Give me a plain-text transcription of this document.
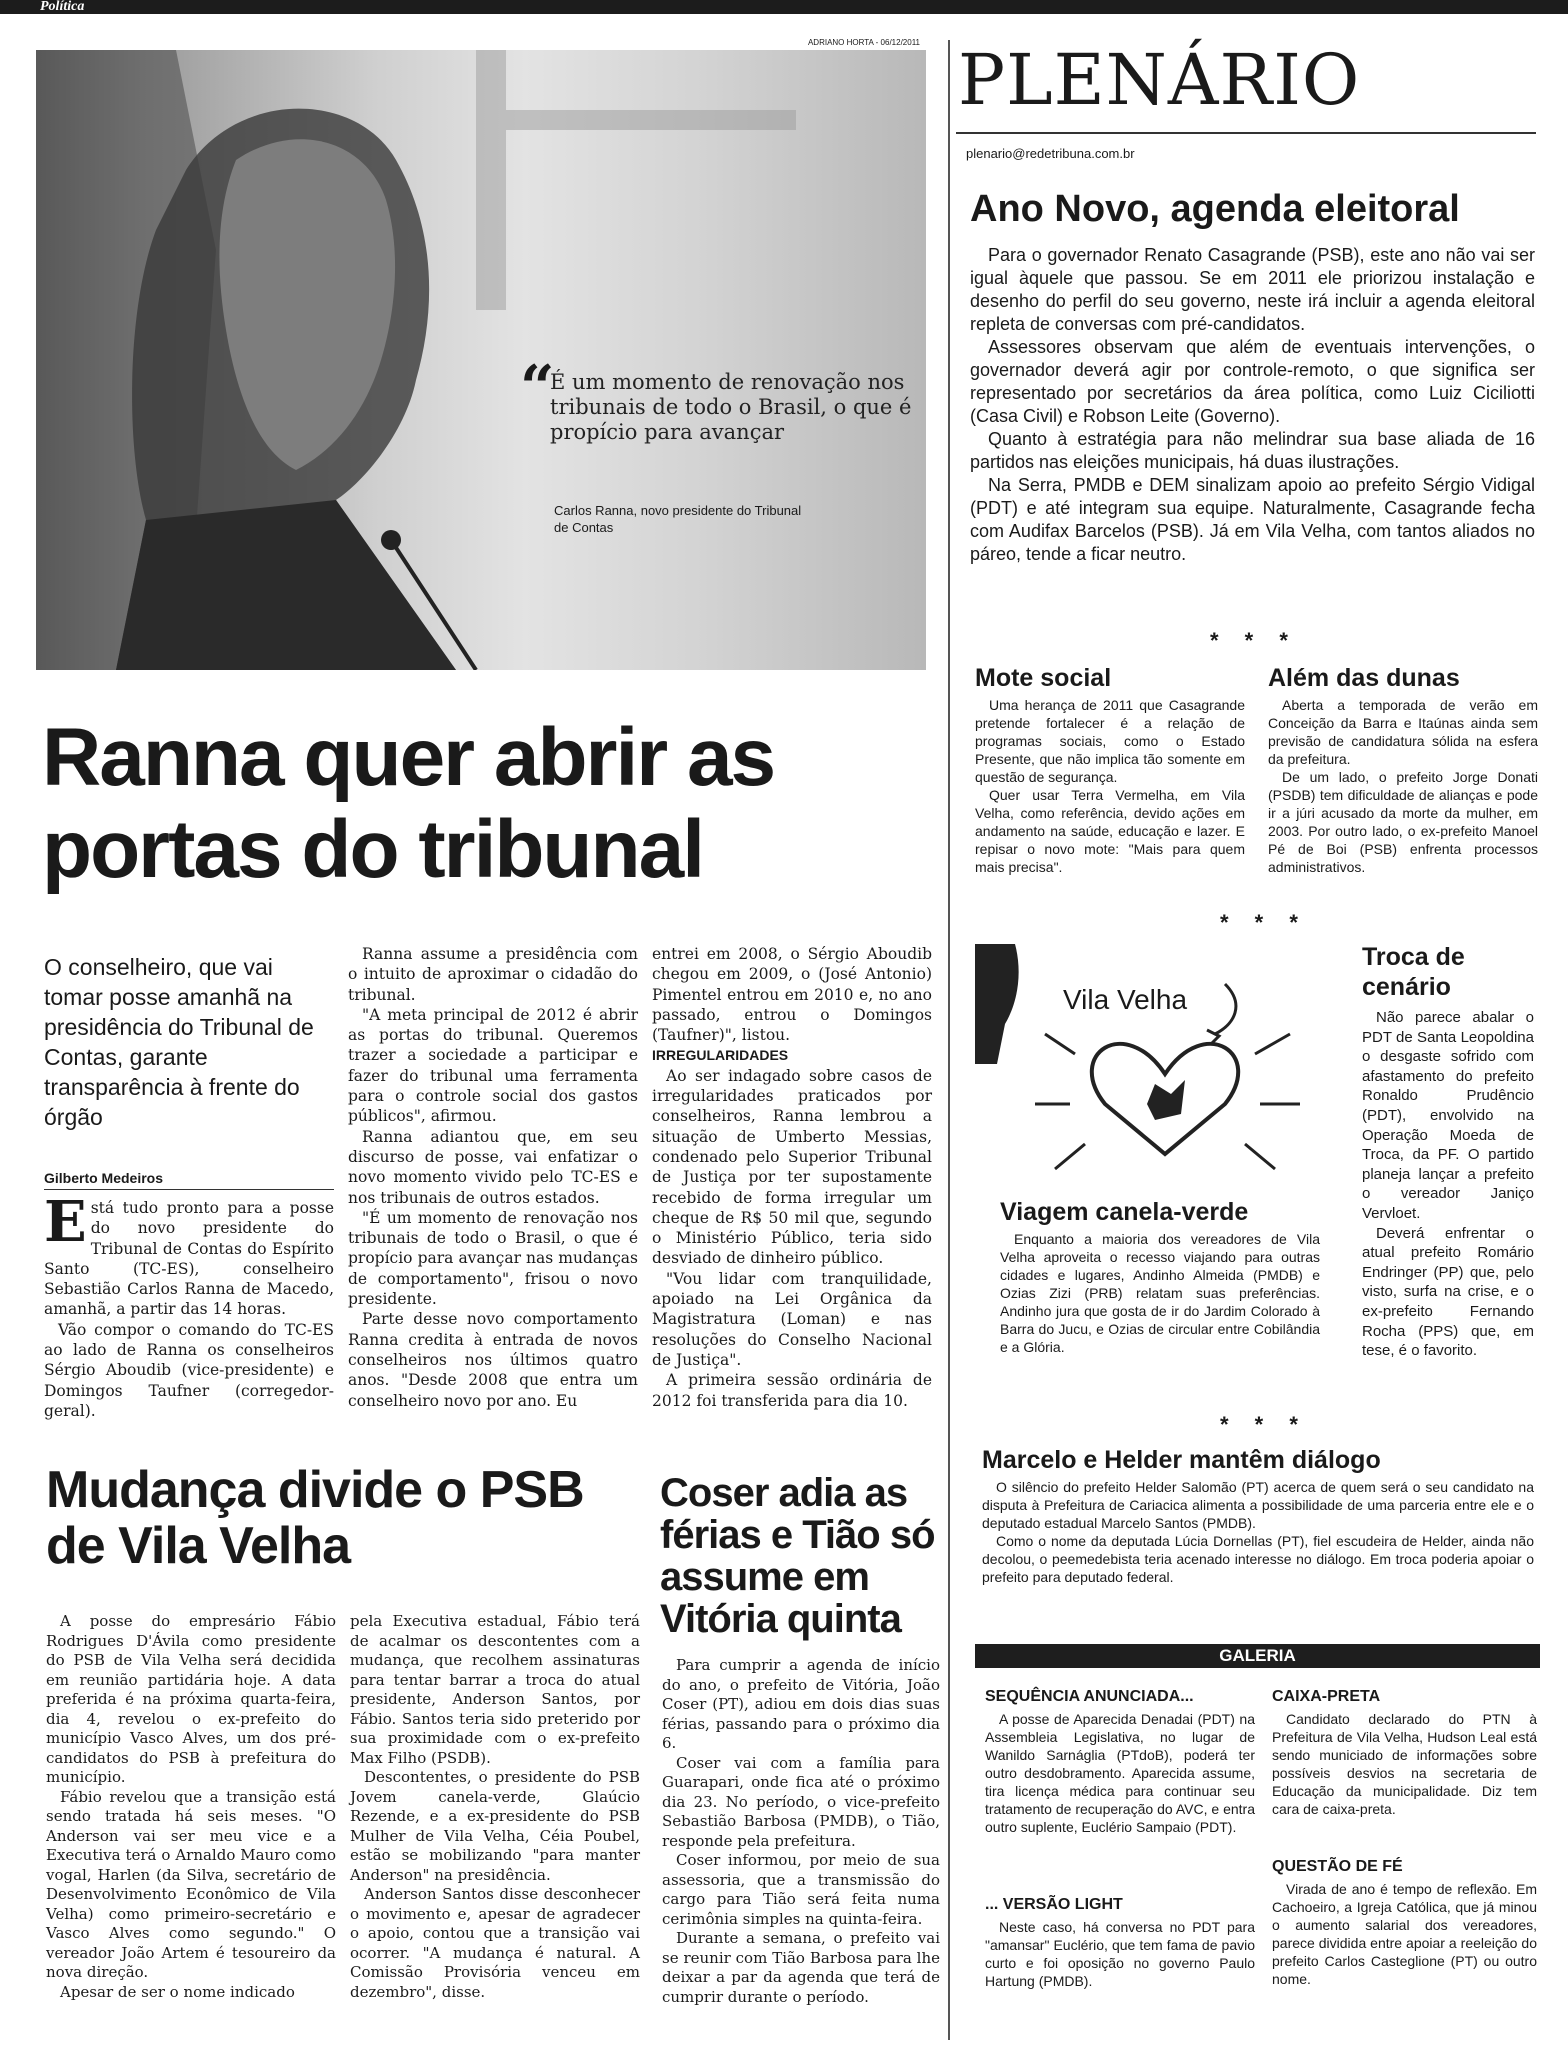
Política
ADRIANO HORTA - 06/12/2011
“
É um momento de renovação nos tribunais de todo o Brasil, o que é propício para avançar
Carlos Ranna, novo presidente do Tribunal de Contas
Ranna quer abrir as
portas do tribunal
O conselheiro, que vai tomar posse amanhã na presidência do Tribunal de Contas, garante transparência à frente do órgão
Gilberto Medeiros

Está tudo pronto para a posse do novo presidente do Tribunal de Contas do Espírito Santo (TC-ES), conselheiro Sebastião Carlos Ranna de Macedo, amanhã, a partir das 14 horas.

Vão compor o comando do TC-ES ao lado de Ranna os conselheiros Sérgio Aboudib (vice-presidente) e Domingos Taufner (corregedor-geral).

Ranna assume a presidência com o intuito de aproximar o cidadão do tribunal.

"A meta principal de 2012 é abrir as portas do tribunal. Queremos trazer a sociedade a participar e fazer do tribunal uma ferramenta para o controle social dos gastos públicos", afirmou.

Ranna adiantou que, em seu discurso de posse, vai enfatizar o novo momento vivido pelo TC-ES e nos tribunais de outros estados.

"É um momento de renovação nos tribunais de todo o Brasil, o que é propício para avançar nas mudanças de comportamento", frisou o novo presidente.

Parte desse novo comportamento Ranna credita à entrada de novos conselheiros nos últimos quatro anos. "Desde 2008 que entra um conselheiro novo por ano. Eu

entrei em 2008, o Sérgio Aboudib chegou em 2009, o (José Antonio) Pimentel entrou em 2010 e, no ano passado, entrou o Domingos (Taufner)", listou.

IRREGULARIDADES

Ao ser indagado sobre casos de irregularidades praticados por conselheiros, Ranna lembrou a situação de Umberto Messias, condenado pelo Superior Tribunal de Justiça por ter supostamente recebido de forma irregular um cheque de R$ 50 mil que, segundo o Ministério Público, teria sido desviado de dinheiro público.

"Vou lidar com tranquilidade, apoiado na Lei Orgânica da Magistratura (Loman) e nas resoluções do Conselho Nacional de Justiça".

A primeira sessão ordinária de 2012 foi transferida para dia 10.

Mudança divide o PSB de Vila Velha

A posse do empresário Fábio Rodrigues D'Ávila como presidente do PSB de Vila Velha será decidida em reunião partidária hoje. A data preferida é na próxima quarta-feira, dia 4, revelou o ex-prefeito do município Vasco Alves, um dos pré-candidatos do PSB à prefeitura do município.

Fábio revelou que a transição está sendo tratada há seis meses. "O Anderson vai ser meu vice e a Executiva terá o Arnaldo Mauro como vogal, Harlen (da Silva, secretário de Desenvolvimento Econômico de Vila Velha) como primeiro-secretário e Vasco Alves como segundo." O vereador João Artem é tesoureiro da nova direção.

Apesar de ser o nome indicado

pela Executiva estadual, Fábio terá de acalmar os descontentes com a mudança, que recolhem assinaturas para tentar barrar a troca do atual presidente, Anderson Santos, por Fábio. Santos teria sido preterido por sua proximidade com o ex-prefeito Max Filho (PSDB).

Descontentes, o presidente do PSB Jovem canela-verde, Glaúcio Rezende, e a ex-presidente do PSB Mulher de Vila Velha, Céia Poubel, estão se mobilizando "para manter Anderson" na presidência.

Anderson Santos disse desconhecer o movimento e, apesar de agradecer o apoio, contou que a transição vai ocorrer. "A mudança é natural. A Comissão Provisória venceu em dezembro", disse.

Coser adia as férias e Tião só assume em Vitória quinta

Para cumprir a agenda de início do ano, o prefeito de Vitória, João Coser (PT), adiou em dois dias suas férias, passando para o próximo dia 6.

Coser vai com a família para Guarapari, onde fica até o próximo dia 23. No período, o vice-prefeito Sebastião Barbosa (PMDB), o Tião, responde pela prefeitura.

Coser informou, por meio de sua assessoria, que a transmissão do cargo para Tião será feita numa cerimônia simples na quinta-feira.

Durante a semana, o prefeito vai se reunir com Tião Barbosa para lhe deixar a par da agenda que terá de cumprir durante o período.

PLENÁRIO
plenario@redetribuna.com.br
Ano Novo, agenda eleitoral

Para o governador Renato Casagrande (PSB), este ano não vai ser igual àquele que passou. Se em 2011 ele priorizou instalação e desenho do perfil do seu governo, neste irá incluir a agenda eleitoral repleta de conversas com pré-candidatos.

Assessores observam que além de eventuais intervenções, o governador deverá agir por controle-remoto, o que significa ser representado por secretários da área política, como Luiz Ciciliotti (Casa Civil) e Robson Leite (Governo).

Quanto à estratégia para não melindrar sua base aliada de 16 partidos nas eleições municipais, há duas ilustrações.

Na Serra, PMDB e DEM sinalizam apoio ao prefeito Sérgio Vidigal (PDT) e até integram sua equipe. Naturalmente, Casagrande fecha com Audifax Barcelos (PSB). Já em Vila Velha, com tantos aliados no páreo, tende a ficar neutro.

* * *
Mote social

Uma herança de 2011 que Casagrande pretende fortalecer é a relação de programas sociais, como o Estado Presente, que não implica tão somente em questão de segurança.

Quer usar Terra Vermelha, em Vila Velha, como referência, devido ações em andamento na saúde, educação e lazer. E repisar o novo mote: "Mais para quem mais precisa".

Além das dunas

Aberta a temporada de verão em Conceição da Barra e Itaúnas ainda sem previsão de candidatura sólida na esfera da prefeitura.

De um lado, o prefeito Jorge Donati (PSDB) tem dificuldade de alianças e pode ir a júri acusado da morte da mulher, em 2003. Por outro lado, o ex-prefeito Manoel Pé de Boi (PSB) enfrenta processos administrativos.

* * *
Vila Velha
Viagem canela-verde

Enquanto a maioria dos vereadores de Vila Velha aproveita o recesso viajando para outras cidades e lugares, Andinho Almeida (PMDB) e Ozias Zizi (PRB) relatam suas preferências. Andinho jura que gosta de ir do Jardim Colorado à Barra do Jucu, e Ozias de circular entre Cobilândia e a Glória.

Troca de cenário

Não parece abalar o PDT de Santa Leopoldina o desgaste sofrido com afastamento do prefeito Ronaldo Prudêncio (PDT), envolvido na Operação Moeda de Troca, da PF. O partido planeja lançar a prefeito o vereador Janiço Vervloet.

Deverá enfrentar o atual prefeito Romário Endringer (PP) que, pelo visto, surfa na crise, e o ex-prefeito Fernando Rocha (PPS) que, em tese, é o favorito.

* * *
Marcelo e Helder mantêm diálogo

O silêncio do prefeito Helder Salomão (PT) acerca de quem será o seu candidato na disputa à Prefeitura de Cariacica alimenta a possibilidade de uma parceria entre ele e o deputado estadual Marcelo Santos (PMDB).

Como o nome da deputada Lúcia Dornellas (PT), fiel escudeira de Helder, ainda não decolou, o peemedebista teria acenado interesse no diálogo. Em troca poderia apoiar o prefeito para deputado federal.

GALERIA
SEQUÊNCIA ANUNCIADA...

A posse de Aparecida Denadai (PDT) na Assembleia Legislativa, no lugar de Wanildo Sarnáglia (PTdoB), poderá ter outro desdobramento. Aparecida assume, tira licença médica para continuar seu tratamento de recuperação do AVC, e entra outro suplente, Euclério Sampaio (PDT).

... VERSÃO LIGHT

Neste caso, há conversa no PDT para "amansar" Euclério, que tem fama de pavio curto e foi oposição no governo Paulo Hartung (PMDB).

CAIXA-PRETA

Candidato declarado do PTN à Prefeitura de Vila Velha, Hudson Leal está sendo municiado de informações sobre possíveis desvios na secretaria de Educação da municipalidade. Diz tem cara de caixa-preta.

QUESTÃO DE FÉ

Virada de ano é tempo de reflexão. Em Cachoeiro, a Igreja Católica, que já minou o aumento salarial dos vereadores, parece dividida entre apoiar a reeleição do prefeito Carlos Casteglione (PT) ou outro nome.
